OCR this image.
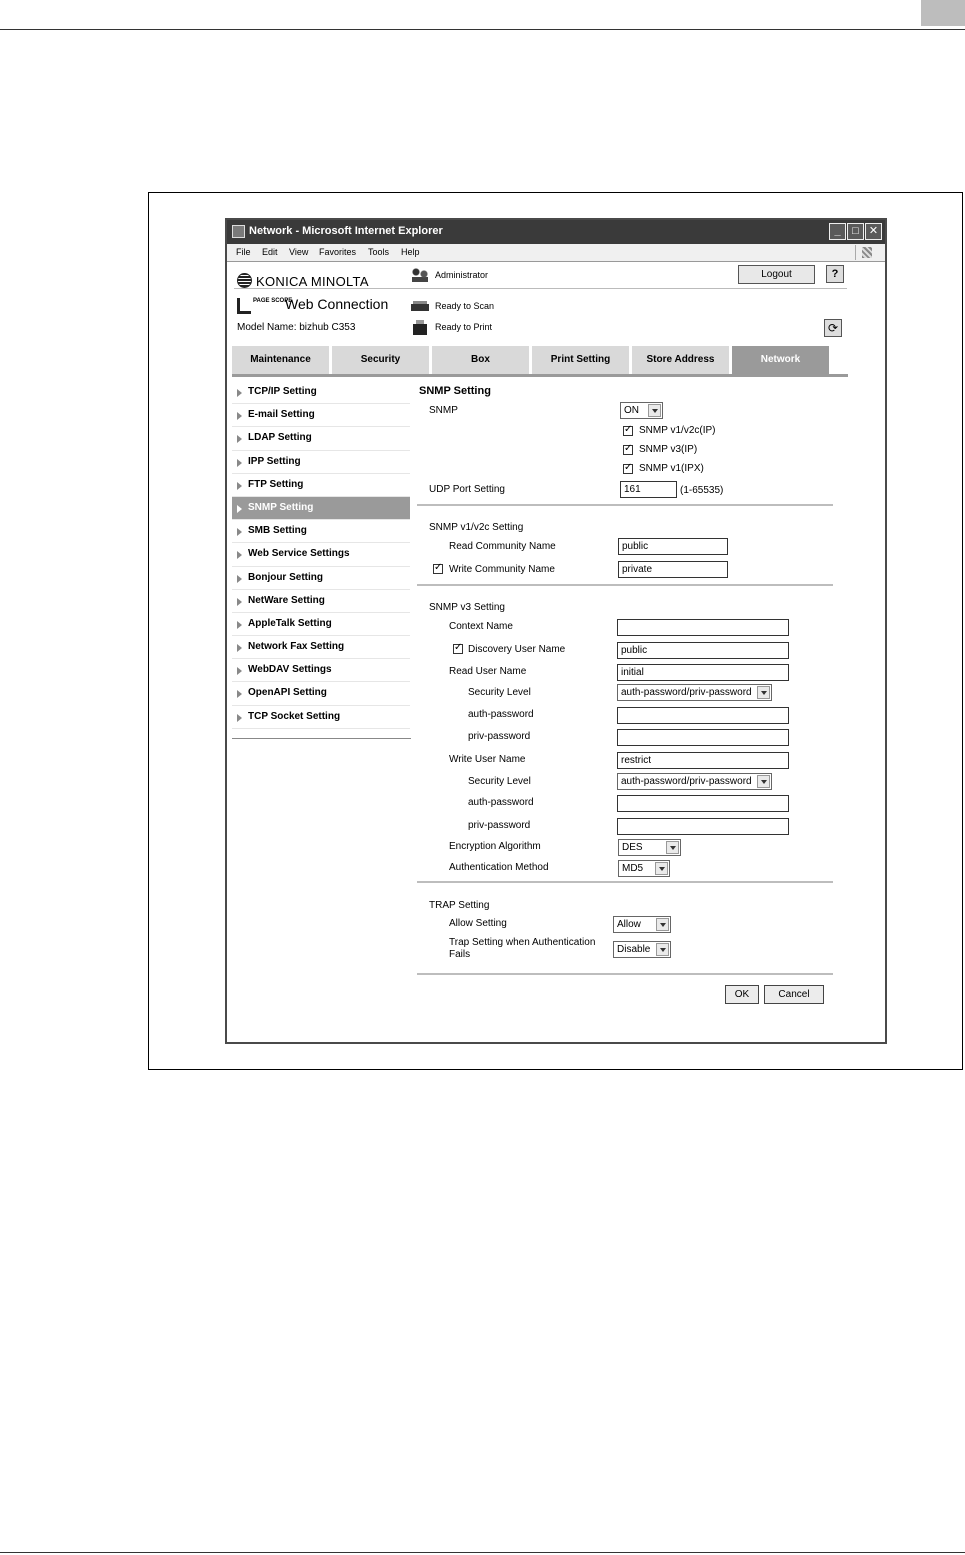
Network - Microsoft Internet Explorer	_	□ ✕
File Edit View Favorites Tools Help
KONICA MINOLTA
PAGE SCOPE
Web Connection
Model Name: bizhub C353
Administrator
Ready to Scan
Ready to Print
Logout	?
⟳
Maintenance	Security	Box	Print Setting	Store Address	Network
TCP/IP Setting
E-mail Setting
LDAP Setting
IPP Setting
FTP Setting
SNMP Setting
SMB Setting
Web Service Settings
Bonjour Setting
NetWare Setting
AppleTalk Setting
Network Fax Setting
WebDAV Settings
OpenAPI Setting
TCP Socket Setting
SNMP Setting
SNMP	ON
✓
SNMP v1/v2c(IP)
✓
SNMP v3(IP)
✓
SNMP v1(IPX)
UDP Port Setting	161	(1-65535)
SNMP v1/v2c Setting
Read Community Name	public
✓
Write Community Name	private
SNMP v3 Setting
Context Name
✓
Discovery User Name	public
Read User Name	initial
Security Level	auth-password/priv-password
auth-password
priv-password
Write User Name	restrict
Security Level	auth-password/priv-password
auth-password
priv-password
Encryption Algorithm	DES
Authentication Method	MD5
TRAP Setting
Allow Setting	Allow
Trap Setting when Authentication
Fails	Disable
OK	Cancel
